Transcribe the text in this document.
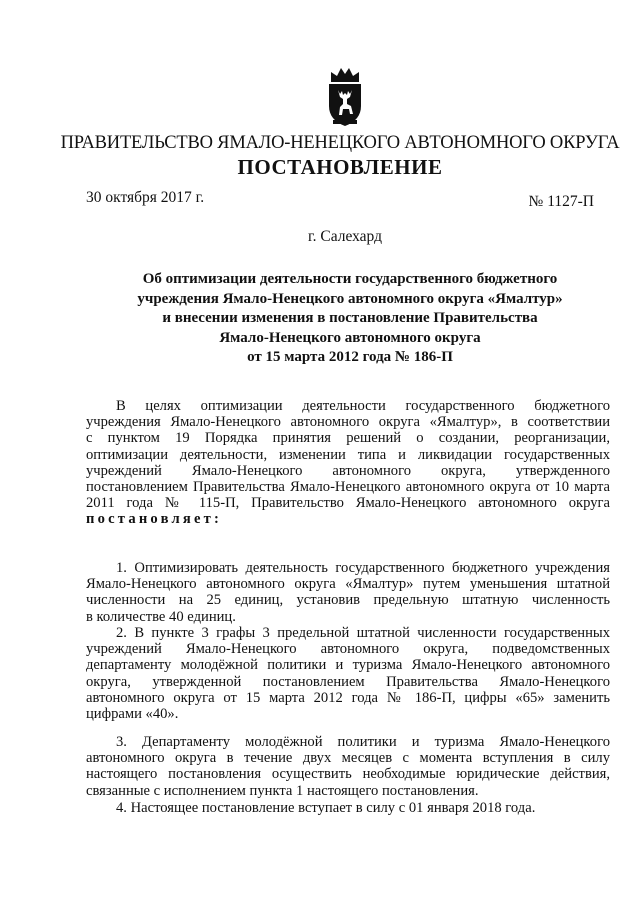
ПРАВИТЕЛЬСТВО ЯМАЛО-НЕНЕЦКОГО АВТОНОМНОГО ОКРУГА
ПОСТАНОВЛЕНИЕ
30 октября 2017 г.	№ 1127-П
г. Салехард
Об оптимизации деятельности государственного бюджетного
учреждения Ямало-Ненецкого автономного округа «Ямалтур»
и внесении изменения в постановление Правительства
Ямало-Ненецкого автономного округа
от 15 марта 2012 года № 186-П
В целях оптимизации деятельности государственного бюджетного
учреждения Ямало-Ненецкого автономного округа «Ямалтур», в соответствии
с пунктом 19 Порядка принятия решений о создании, реорганизации,
оптимизации деятельности, изменении типа и ликвидации государственных
учреждений Ямало-Ненецкого автономного округа, утвержденного
постановлением Правительства Ямало-Ненецкого автономного округа от 10 марта
2011 года № 115-П, Правительство Ямало-Ненецкого автономного округа
постановляет:
1. Оптимизировать деятельность государственного бюджетного учреждения
Ямало-Ненецкого автономного округа «Ямалтур» путем уменьшения штатной
численности на 25 единиц, установив предельную штатную численность
в количестве 40 единиц.
2. В пункте 3 графы 3 предельной штатной численности государственных
учреждений Ямало-Ненецкого автономного округа, подведомственных
департаменту молодёжной политики и туризма Ямало-Ненецкого автономного
округа, утвержденной постановлением Правительства Ямало-Ненецкого
автономного округа от 15 марта 2012 года № 186-П, цифры «65» заменить
цифрами «40».
3. Департаменту молодёжной политики и туризма Ямало-Ненецкого
автономного округа в течение двух месяцев с момента вступления в силу
настоящего постановления осуществить необходимые юридические действия,
связанные с исполнением пункта 1 настоящего постановления.
4. Настоящее постановление вступает в силу с 01 января 2018 года.
